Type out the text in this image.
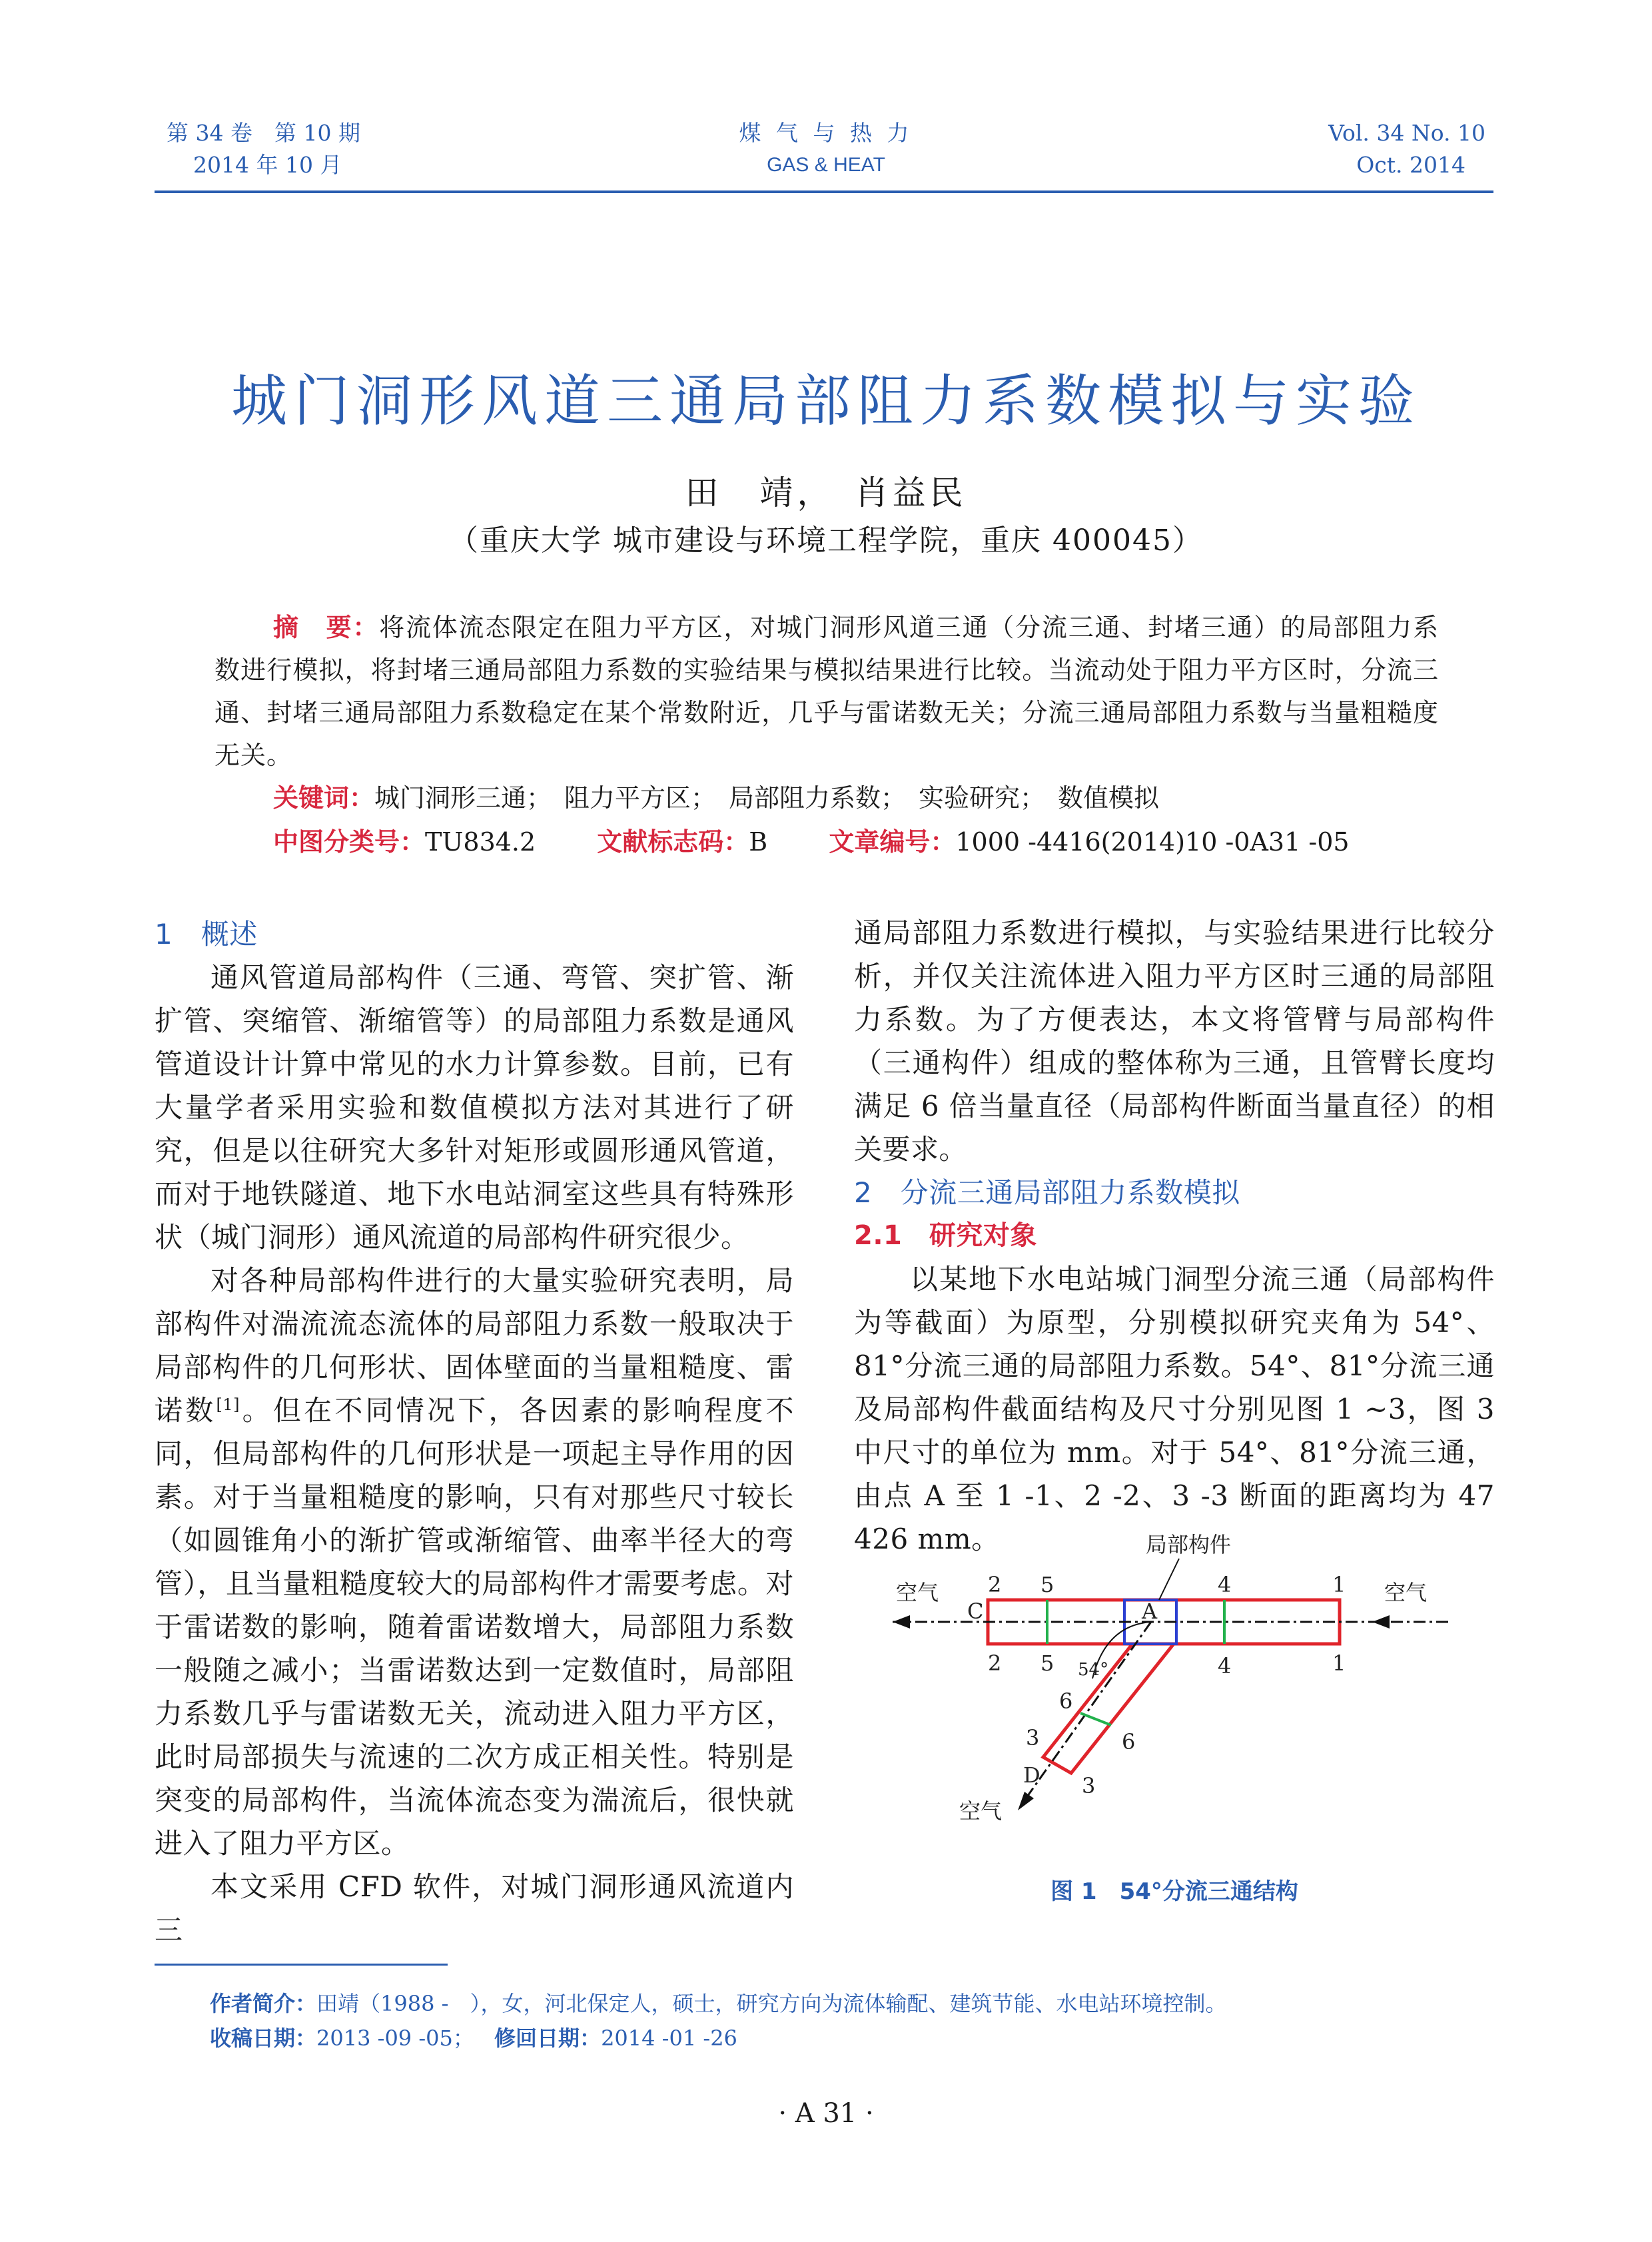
第 34 卷　第 10 期
2014 年 10 月
煤 气 与 热 力
GAS & HEAT
Vol. 34 No. 10
Oct. 2014
城门洞形风道三通局部阻力系数模拟与实验
田　靖，　肖益民
（重庆大学 城市建设与环境工程学院，重庆 400045）
摘　要：将流体流态限定在阻力平方区，对城门洞形风道三通（分流三通、封堵三通）的局部阻力系数进行模拟，将封堵三通局部阻力系数的实验结果与模拟结果进行比较。当流动处于阻力平方区时，分流三通、封堵三通局部阻力系数稳定在某个常数附近，几乎与雷诺数无关；分流三通局部阻力系数与当量粗糙度无关。
关键词：城门洞形三通；　阻力平方区；　局部阻力系数；　实验研究；　数值模拟
中图分类号：TU834.2 文献标志码：B 文章编号：1000 -4416(2014)10 -0A31 -05
1　概述

通风管道局部构件（三通、弯管、突扩管、渐扩管、突缩管、渐缩管等）的局部阻力系数是通风管道设计计算中常见的水力计算参数。目前，已有大量学者采用实验和数值模拟方法对其进行了研究，但是以往研究大多针对矩形或圆形通风管道，而对于地铁隧道、地下水电站洞室这些具有特殊形状（城门洞形）通风流道的局部构件研究很少。

对各种局部构件进行的大量实验研究表明，局部构件对湍流流态流体的局部阻力系数一般取决于局部构件的几何形状、固体壁面的当量粗糙度、雷诺数[1]。但在不同情况下，各因素的影响程度不同，但局部构件的几何形状是一项起主导作用的因素。对于当量粗糙度的影响，只有对那些尺寸较长（如圆锥角小的渐扩管或渐缩管、曲率半径大的弯管），且当量粗糙度较大的局部构件才需要考虑。对于雷诺数的影响，随着雷诺数增大，局部阻力系数一般随之减小；当雷诺数达到一定数值时，局部阻力系数几乎与雷诺数无关，流动进入阻力平方区，此时局部损失与流速的二次方成正相关性。特别是突变的局部构件，当流体流态变为湍流后，很快就进入了阻力平方区。

本文采用 CFD 软件，对城门洞形通风流道内三

通局部阻力系数进行模拟，与实验结果进行比较分析，并仅关注流体进入阻力平方区时三通的局部阻力系数。为了方便表达，本文将管臂与局部构件（三通构件）组成的整体称为三通，且管臂长度均满足 6 倍当量直径（局部构件断面当量直径）的相关要求。

2　分流三通局部阻力系数模拟
2.1　研究对象

以某地下水电站城门洞型分流三通（局部构件为等截面）为原型，分别模拟研究夹角为 54°、81°分流三通的局部阻力系数。54°、81°分流三通及局部构件截面结构及尺寸分别见图 1 ~3，图 3 中尺寸的单位为 mm。对于 54°、81°分流三通，由点 A 至 1 -1、2 -2、3 -3 断面的距离均为 47 426 mm。	局部构件
空气	空气
空气
C	A
D
54°
2
2
5
5
4
4
1
1
6
6
3
3
图 1　54°分流三通结构
作者简介：田靖（1988 -　），女，河北保定人，硕士，研究方向为流体输配、建筑节能、水电站环境控制。
收稿日期：2013 -09 -05； 修回日期：2014 -01 -26
· A 31 ·
